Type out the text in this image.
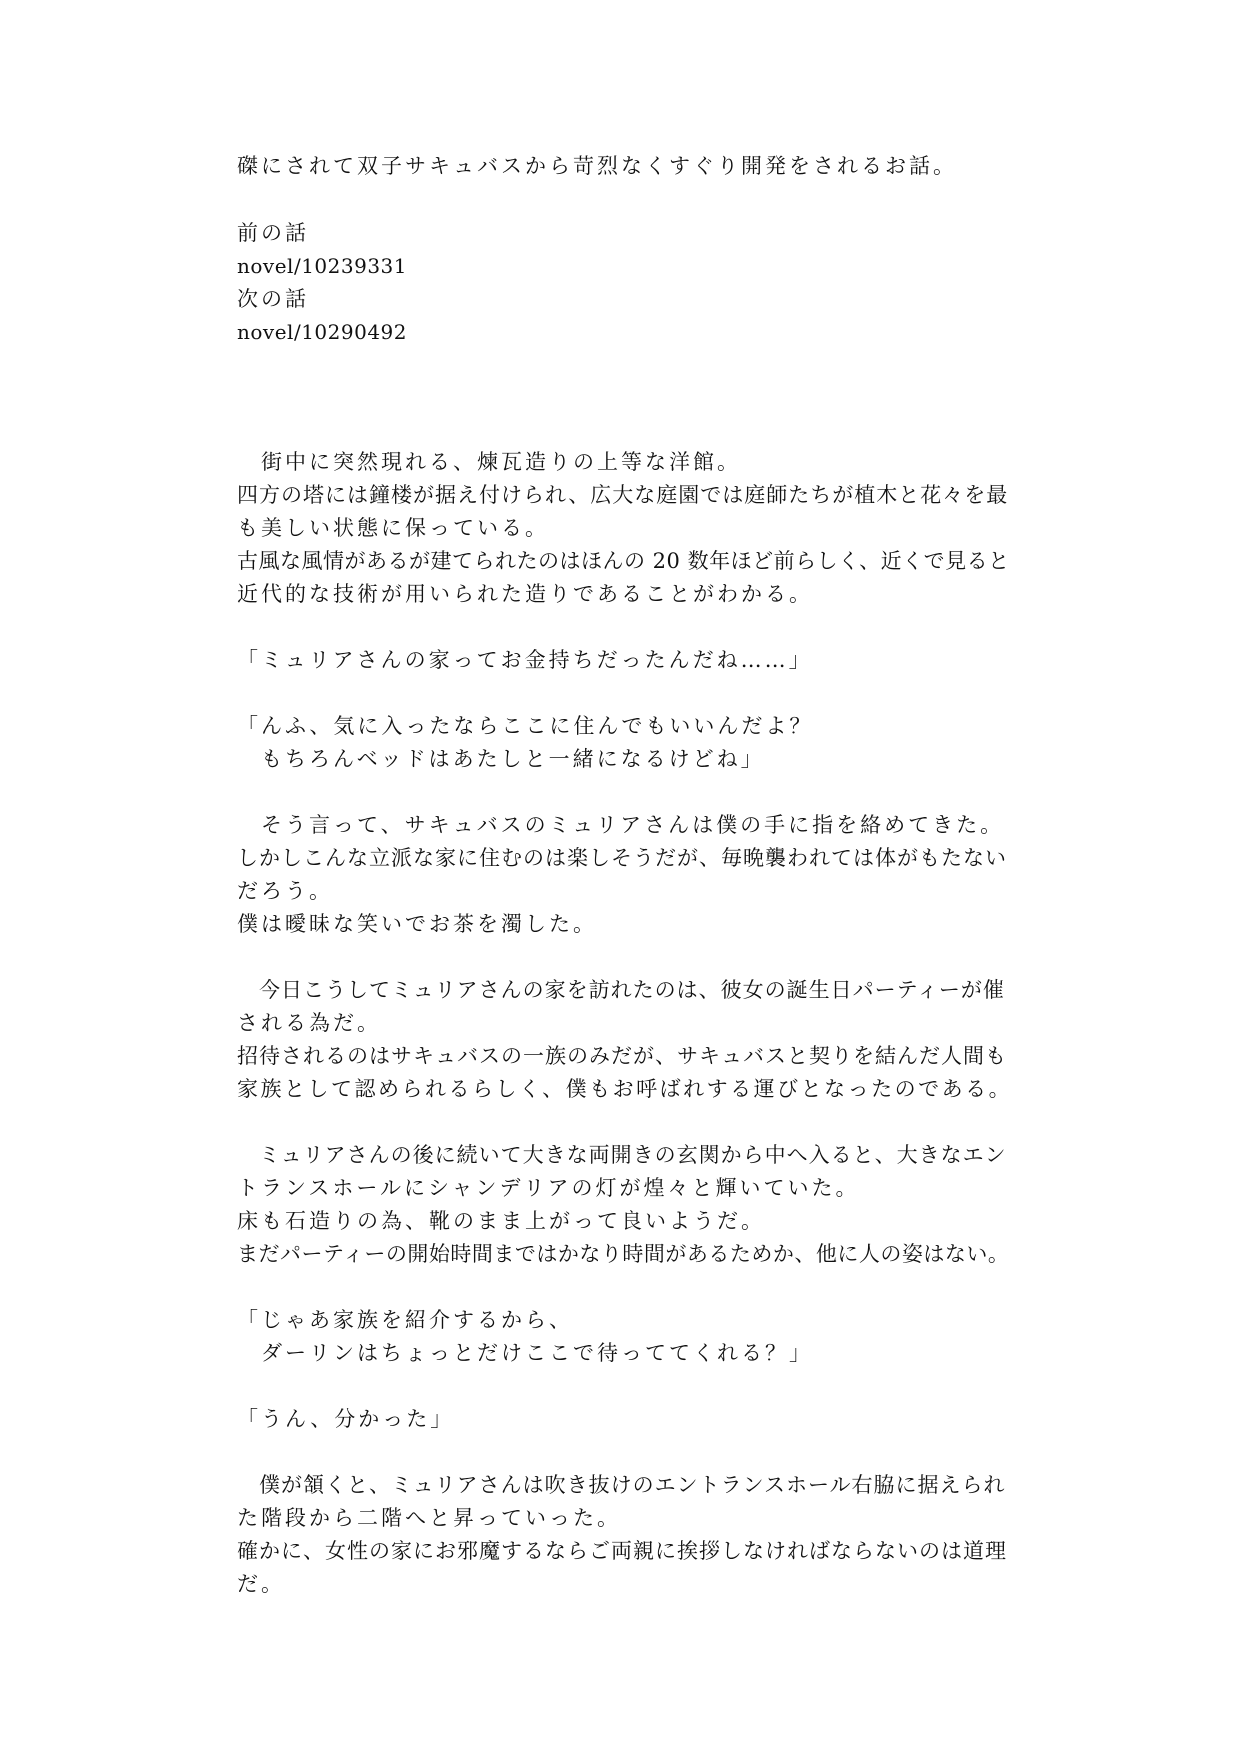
磔にされて双子サキュバスから苛烈なくすぐり開発をされるお話。
前の話
novel/10239331
次の話
novel/10290492
　街中に突然現れる、煉瓦造りの上等な洋館。
四方の塔には鐘楼が据え付けられ、広大な庭園では庭師たちが植木と花々を最
も美しい状態に保っている。
古風な風情があるが建てられたのはほんの 20 数年ほど前らしく、近くで見ると
近代的な技術が用いられた造りであることがわかる。
「ミュリアさんの家ってお金持ちだったんだね……」
「んふ、気に入ったならここに住んでもいいんだよ？
　もちろんベッドはあたしと一緒になるけどね」
　そう言って、サキュバスのミュリアさんは僕の手に指を絡めてきた。
しかしこんな立派な家に住むのは楽しそうだが、毎晩襲われては体がもたない
だろう。
僕は曖昧な笑いでお茶を濁した。
　今日こうしてミュリアさんの家を訪れたのは、彼女の誕生日パーティーが催
される為だ。
招待されるのはサキュバスの一族のみだが、サキュバスと契りを結んだ人間も
家族として認められるらしく、僕もお呼ばれする運びとなったのである。
　ミュリアさんの後に続いて大きな両開きの玄関から中へ入ると、大きなエン
トランスホールにシャンデリアの灯が煌々と輝いていた。
床も石造りの為、靴のまま上がって良いようだ。
まだパーティーの開始時間まではかなり時間があるためか、他に人の姿はない。
「じゃあ家族を紹介するから、
　ダーリンはちょっとだけここで待っててくれる？」
「うん、分かった」
　僕が頷くと、ミュリアさんは吹き抜けのエントランスホール右脇に据えられ
た階段から二階へと昇っていった。
確かに、女性の家にお邪魔するならご両親に挨拶しなければならないのは道理
だ。
